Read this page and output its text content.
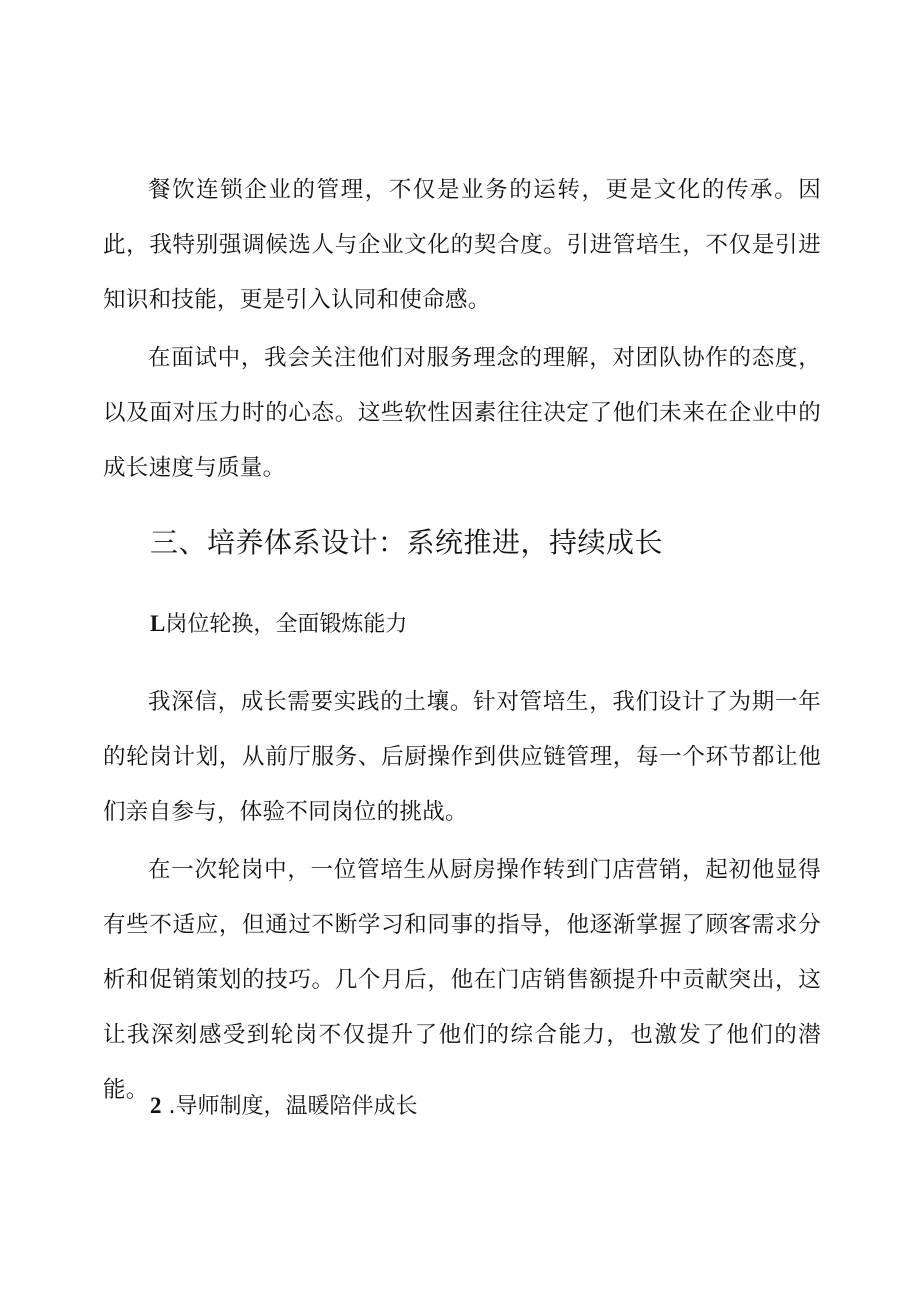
餐饮连锁企业的管理，不仅是业务的运转，更是文化的传承。因此，我特别强调候选人与企业文化的契合度。引进管培生，不仅是引进知识和技能，更是引入认同和使命感。

在面试中，我会关注他们对服务理念的理解，对团队协作的态度，以及面对压力时的心态。这些软性因素往往决定了他们未来在企业中的成长速度与质量。

三、培养体系设计：系统推进，持续成长
L岗位轮换，全面锻炼能力

我深信，成长需要实践的土壤。针对管培生，我们设计了为期一年的轮岗计划，从前厅服务、后厨操作到供应链管理，每一个环节都让他们亲自参与，体验不同岗位的挑战。

在一次轮岗中，一位管培生从厨房操作转到门店营销，起初他显得有些不适应，但通过不断学习和同事的指导，他逐渐掌握了顾客需求分析和促销策划的技巧。几个月后，他在门店销售额提升中贡献突出，这让我深刻感受到轮岗不仅提升了他们的综合能力，也激发了他们的潜能。

2 .导师制度，温暖陪伴成长
